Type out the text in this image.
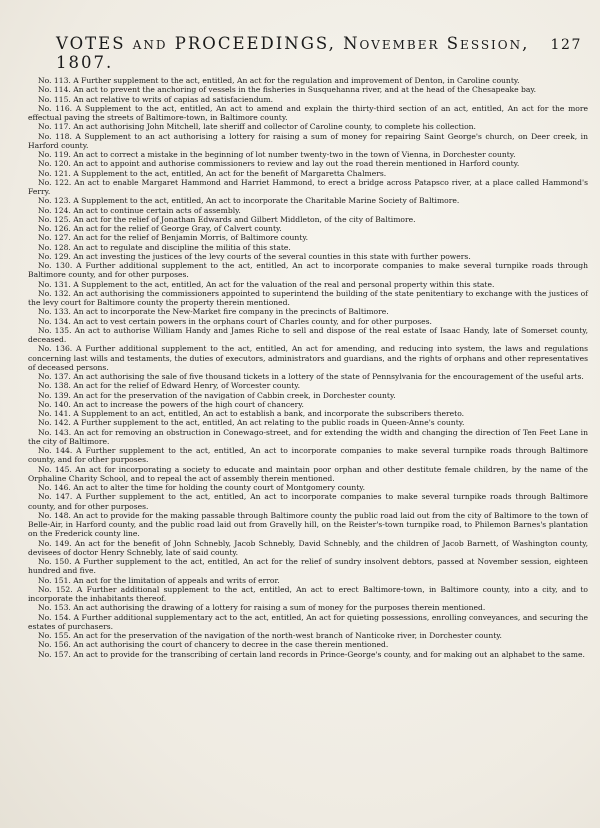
VOTES and PROCEEDINGS, November Session, 1807.
127

No. 113. A Further supplement to the act, entitled, An act for the regulation and improvement of Denton, in Caroline county.

No. 114. An act to prevent the anchoring of vessels in the fisheries in Susquehanna river, and at the head of the Chesapeake bay.

No. 115. An act relative to writs of capias ad satisfaciendum.

No. 116. A Supplement to the act, entitled, An act to amend and explain the thirty-third section of an act, entitled, An act for the more effectual paving the streets of Baltimore-town, in Baltimore county.

No. 117. An act authorising John Mitchell, late sheriff and collector of Caroline county, to complete his collection.

No. 118. A Supplement to an act authorising a lottery for raising a sum of money for repairing Saint George's church, on Deer creek, in Harford county.

No. 119. An act to correct a mistake in the beginning of lot number twenty-two in the town of Vienna, in Dorchester county.

No. 120. An act to appoint and authorise commissioners to review and lay out the road therein mentioned in Harford county.

No. 121. A Supplement to the act, entitled, An act for the benefit of Margaretta Chalmers.

No. 122. An act to enable Margaret Hammond and Harriet Hammond, to erect a bridge across Patapsco river, at a place called Hammond's Ferry.

No. 123. A Supplement to the act, entitled, An act to incorporate the Charitable Marine Society of Baltimore.

No. 124. An act to continue certain acts of assembly.

No. 125. An act for the relief of Jonathan Edwards and Gilbert Middleton, of the city of Baltimore.

No. 126. An act for the relief of George Gray, of Calvert county.

No. 127. An act for the relief of Benjamin Morris, of Baltimore county.

No. 128. An act to regulate and discipline the militia of this state.

No. 129. An act investing the justices of the levy courts of the several counties in this state with further powers.

No. 130. A Further additional supplement to the act, entitled, An act to incorporate companies to make several turnpike roads through Baltimore county, and for other purposes.

No. 131. A Supplement to the act, entitled, An act for the valuation of the real and personal property within this state.

No. 132. An act authorising the commissioners appointed to superintend the building of the state penitentiary to exchange with the justices of the levy court for Baltimore county the property therein mentioned.

No. 133. An act to incorporate the New-Market fire company in the precincts of Baltimore.

No. 134. An act to vest certain powers in the orphans court of Charles county, and for other purposes.

No. 135. An act to authorise William Handy and James Riche to sell and dispose of the real estate of Isaac Handy, late of Somerset county, deceased.

No. 136. A Further additional supplement to the act, entitled, An act for amending, and reducing into system, the laws and regulations concerning last wills and testaments, the duties of executors, administrators and guardians, and the rights of orphans and other representatives of deceased persons.

No. 137. An act authorising the sale of five thousand tickets in a lottery of the state of Pennsylvania for the encouragement of the useful arts.

No. 138. An act for the relief of Edward Henry, of Worcester county.

No. 139. An act for the preservation of the navigation of Cabbin creek, in Dorchester county.

No. 140. An act to increase the powers of the high court of chancery.

No. 141. A Supplement to an act, entitled, An act to establish a bank, and incorporate the subscribers thereto.

No. 142. A Further supplement to the act, entitled, An act relating to the public roads in Queen-Anne's county.

No. 143. An act for removing an obstruction in Conewago-street, and for extending the width and changing the direction of Ten Feet Lane in the city of Baltimore.

No. 144. A Further supplement to the act, entitled, An act to incorporate companies to make several turnpike roads through Baltimore county, and for other purposes.

No. 145. An act for incorporating a society to educate and maintain poor orphan and other destitute female children, by the name of the Orphaline Charity School, and to repeal the act of assembly therein mentioned.

No. 146. An act to alter the time for holding the county court of Montgomery county.

No. 147. A Further supplement to the act, entitled, An act to incorporate companies to make several turnpike roads through Baltimore county, and for other purposes.

No. 148. An act to provide for the making passable through Baltimore county the public road laid out from the city of Baltimore to the town of Belle-Air, in Harford county, and the public road laid out from Gravelly hill, on the Reister's-town turnpike road, to Philemon Barnes's plantation on the Frederick county line.

No. 149. An act for the benefit of John Schnebly, Jacob Schnebly, David Schnebly, and the children of Jacob Barnett, of Washington county, devisees of doctor Henry Schnebly, late of said county.

No. 150. A Further supplement to the act, entitled, An act for the relief of sundry insolvent debtors, passed at November session, eighteen hundred and five.

No. 151. An act for the limitation of appeals and writs of error.

No. 152. A Further additional supplement to the act, entitled, An act to erect Baltimore-town, in Baltimore county, into a city, and to incorporate the inhabitants thereof.

No. 153. An act authorising the drawing of a lottery for raising a sum of money for the purposes therein mentioned.

No. 154. A Further additional supplementary act to the act, entitled, An act for quieting possessions, enrolling conveyances, and securing the estates of purchasers.

No. 155. An act for the preservation of the navigation of the north-west branch of Nanticoke river, in Dorchester county.

No. 156. An act authorising the court of chancery to decree in the case therein mentioned.

No. 157. An act to provide for the transcribing of certain land records in Prince-George's county, and for making out an alphabet to the same.
